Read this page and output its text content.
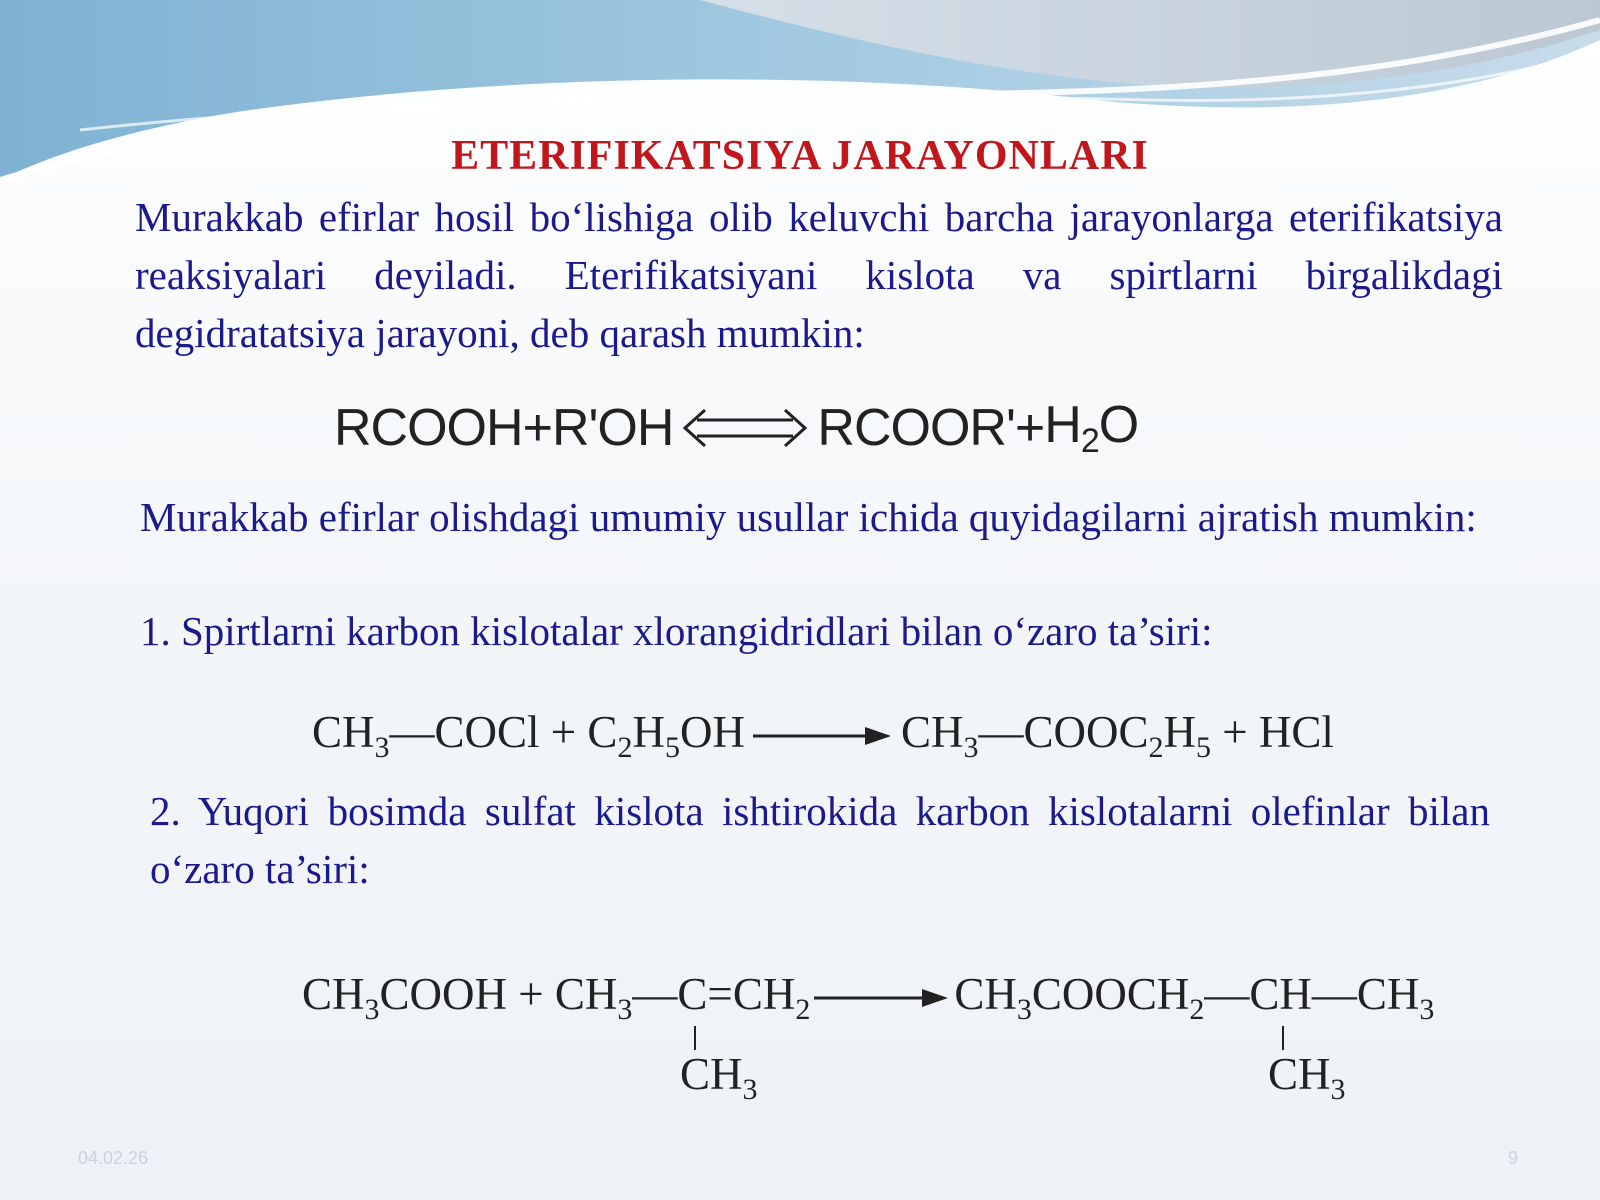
ETERIFIKATSIYA JARAYONLARI

Murakkab efirlar hosil bo‘lishiga olib keluvchi barcha jarayonlarga eterifikatsiya reaksiyalari deyiladi. Eterifikatsiyani kislota va spirtlarni birgalikdagi degidratatsiya jarayoni, deb qarash mumkin:

RCOOH + R'OH ⇌ RCOOR' + $H_2O$

Murakkab efirlar olishdagi umumiy usullar ichida quyidagilarni ajratish mumkin:

1. Spirtlarni karbon kislotalar xlorangidridlari bilan o‘zaro ta’siri:

$CH_3—COCl + C_2H_5OH$ → $CH_3—COOC_2H_5$ + HCl

2. Yuqori bosimda sulfat kislota ishtirokida karbon kislotalarni olefinlar bilan o‘zaro ta’siri:

$CH_3COOH$ + $CH_3—C=CH_2$ → $CH_3COOCH_2—CH—CH_3$
$CH_3$	$CH_3$
04.02.26	9
